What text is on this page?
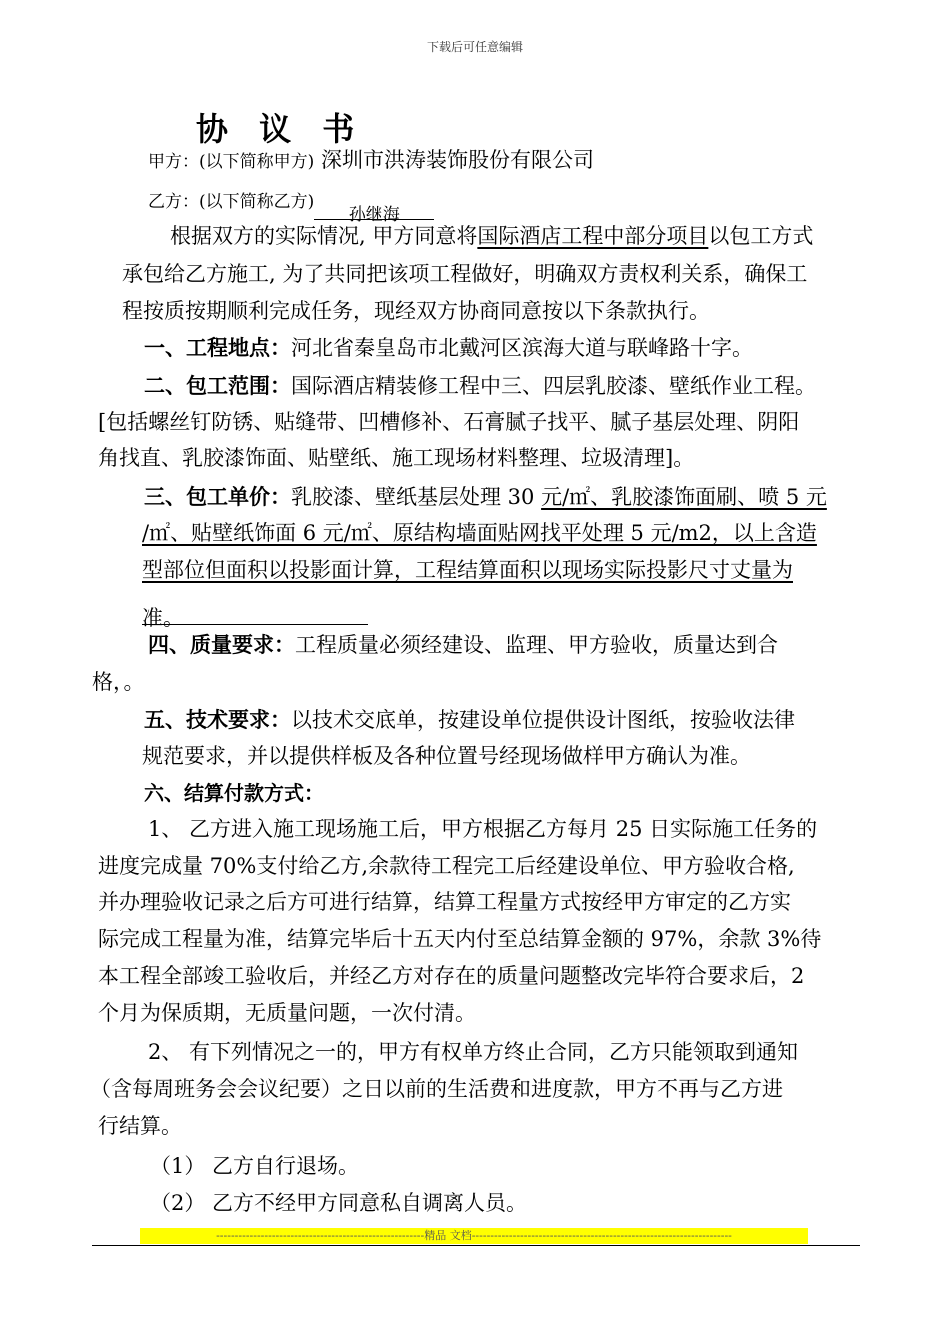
下载后可任意编辑
协 议 书
甲方：(以下简称甲方) 深圳市洪涛装饰股份有限公司
乙方：(以下简称乙方)孙继海
根据双方的实际情况, 甲方同意将国际酒店工程中部分项目以包工方式
承包给乙方施工, 为了共同把该项工程做好，明确双方责权利关系，确保工
程按质按期顺利完成任务，现经双方协商同意按以下条款执行。
一、工程地点：河北省秦皇岛市北戴河区滨海大道与联峰路十字。
二、包工范围：国际酒店精装修工程中三、四层乳胶漆、壁纸作业工程。
[包括螺丝钉防锈、贴缝带、凹槽修补、石膏腻子找平、腻子基层处理、阴阳
角找直、乳胶漆饰面、贴壁纸、施工现场材料整理、垃圾清理]。
三、包工单价：乳胶漆、壁纸基层处理 30 元/㎡、乳胶漆饰面刷、喷 5 元
/㎡、贴壁纸饰面 6 元/㎡、原结构墙面贴网找平处理 5 元/m2，以上含造
型部位但面积以投影面计算，工程结算面积以现场实际投影尺寸丈量为
准。
四、质量要求：工程质量必须经建设、监理、甲方验收，质量达到合
格，。
五、技术要求：以技术交底单，按建设单位提供设计图纸，按验收法律
规范要求，并以提供样板及各种位置号经现场做样甲方确认为准。
六、结算付款方式：
1、 乙方进入施工现场施工后，甲方根据乙方每月 25 日实际施工任务的
进度完成量 70%支付给乙方,余款待工程完工后经建设单位、甲方验收合格,
并办理验收记录之后方可进行结算，结算工程量方式按经甲方审定的乙方实
际完成工程量为准，结算完毕后十五天内付至总结算金额的 97%，余款 3%待
本工程全部竣工验收后，并经乙方对存在的质量问题整改完毕符合要求后，2
个月为保质期，无质量问题，一次付清。
2、 有下列情况之一的，甲方有权单方终止合同，乙方只能领取到通知
（含每周班务会会议纪要）之日以前的生活费和进度款，甲方不再与乙方进
行结算。
（1） 乙方自行退场。
（2） 乙方不经甲方同意私自调离人员。
--------------------------------------------------------精品 文档----------------------------------------------------------------------
